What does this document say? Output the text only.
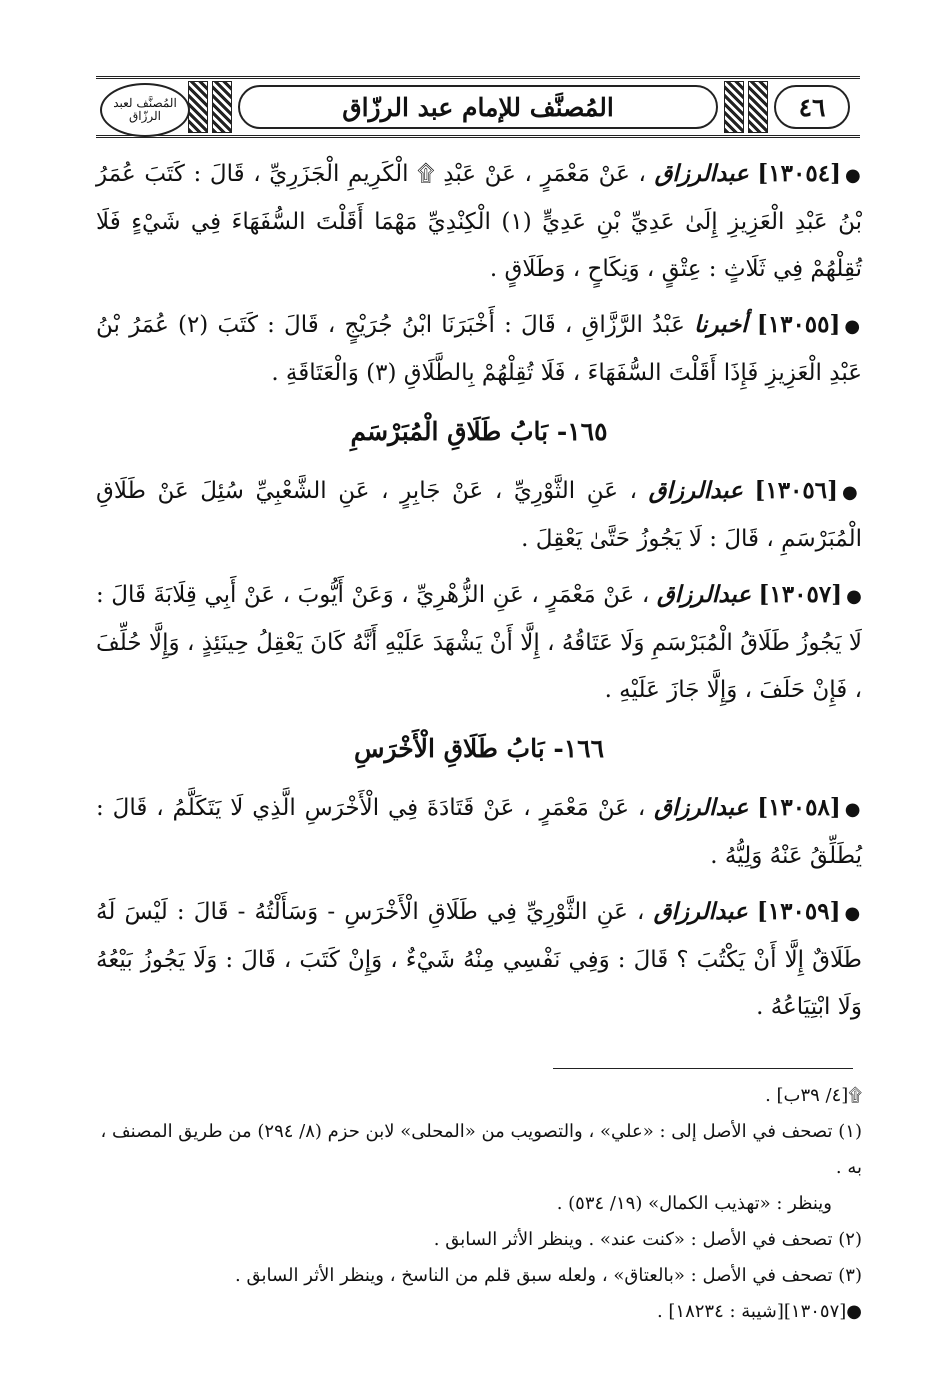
٤٦
المُصنَّف للإمام عبد الرزّاق
المُصنَّف لعبد الرزّاق

●[١٣٠٥٤] عبدالرزاق ، عَنْ مَعْمَرٍ ، عَنْ عَبْدِ ۩ الْكَرِيمِ الْجَزَرِيِّ ، قَالَ : كَتَبَ عُمَرُ بْنُ عَبْدِ الْعَزِيزِ إِلَىٰ عَدِيِّ بْنِ عَدِيٍّ (١) الْكِنْدِيِّ مَهْمَا أَقَلْتَ السُّفَهَاءَ فِي شَيْءٍ فَلَا تُقِلْهُمْ فِي ثَلَاثٍ : عِتْقٍ ، وَنِكَاحٍ ، وَطَلَاقٍ .

●[١٣٠٥٥] أخبرنا عَبْدُ الرَّزَّاقِ ، قَالَ : أَخْبَرَنَا ابْنُ جُرَيْجٍ ، قَالَ : كَتَبَ (٢) عُمَرُ بْنُ عَبْدِ الْعَزِيزِ فَإِذَا أَقَلْتَ السُّفَهَاءَ ، فَلَا تُقِلْهُمْ بِالطَّلَاقِ (٣) وَالْعَتَاقَةِ .

١٦٥- بَابُ طَلَاقِ الْمُبَرْسَمِ

●[١٣٠٥٦] عبدالرزاق ، عَنِ الثَّوْرِيِّ ، عَنْ جَابِرٍ ، عَنِ الشَّعْبِيِّ سُئِلَ عَنْ طَلَاقِ الْمُبَرْسَمِ ، قَالَ : لَا يَجُوزُ حَتَّىٰ يَعْقِلَ .

●[١٣٠٥٧] عبدالرزاق ، عَنْ مَعْمَرٍ ، عَنِ الزُّهْرِيِّ ، وَعَنْ أَيُّوبَ ، عَنْ أَبِي قِلَابَةَ قَالَ : لَا يَجُوزُ طَلَاقُ الْمُبَرْسَمِ وَلَا عَتَاقُهُ ، إِلَّا أَنْ يَشْهَدَ عَلَيْهِ أَنَّهُ كَانَ يَعْقِلُ حِينَئِذٍ ، وَإِلَّا حُلِّفَ ، فَإِنْ حَلَفَ ، وَإِلَّا جَازَ عَلَيْهِ .

١٦٦- بَابُ طَلَاقِ الْأَخْرَسِ

●[١٣٠٥٨] عبدالرزاق ، عَنْ مَعْمَرٍ ، عَنْ قَتَادَةَ فِي الْأَخْرَسِ الَّذِي لَا يَتَكَلَّمُ ، قَالَ : يُطَلِّقُ عَنْهُ وَلِيُّهُ .

●[١٣٠٥٩] عبدالرزاق ، عَنِ الثَّوْرِيِّ فِي طَلَاقِ الْأَخْرَسِ - وَسَأَلْتُهُ - قَالَ : لَيْسَ لَهُ طَلَاقٌ إِلَّا أَنْ يَكْتُبَ ؟ قَالَ : وَفِي نَفْسِي مِنْهُ شَيْءٌ ، وَإِنْ كَتَبَ ، قَالَ : وَلَا يَجُوزُ بَيْعُهُ وَلَا ابْتِيَاعُهُ .

۩[٤/ ٣٩ب] .

(١) تصحف في الأصل إلى : «علي» ، والتصويب من «المحلى» لابن حزم (٨/ ٢٩٤) من طريق المصنف ، به .

وينظر : «تهذيب الكمال» (١٩/ ٥٣٤) .

(٢) تصحف في الأصل : «كنت عند» . وينظر الأثر السابق .

(٣) تصحف في الأصل : «بالعتاق» ، ولعله سبق قلم من الناسخ ، وينظر الأثر السابق .

●[١٣٠٥٧][شيبة : ١٨٢٣٤] .
